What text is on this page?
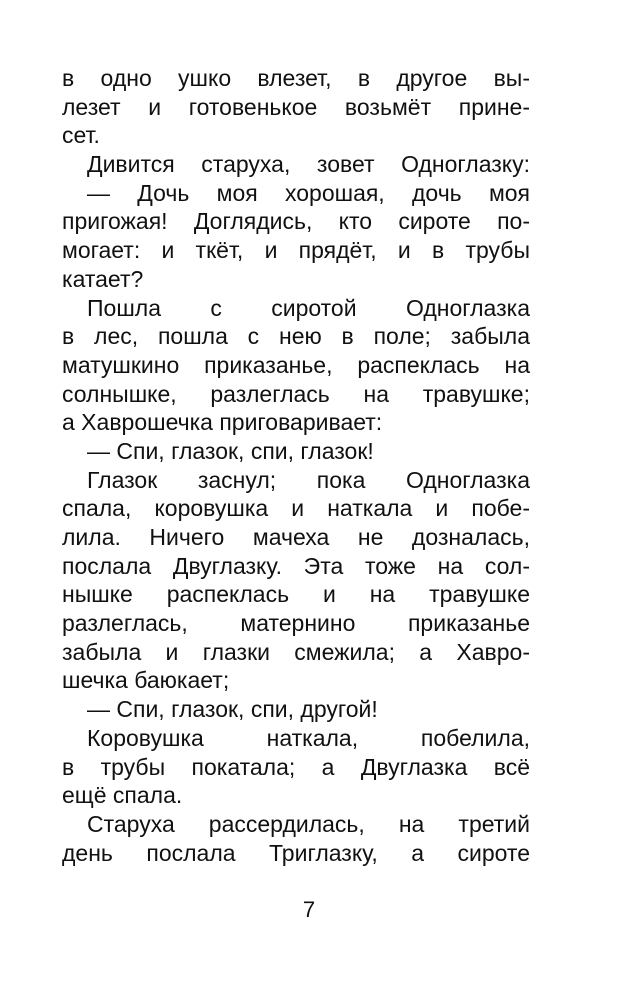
в одно ушко влезет, в другое вы-
лезет и готовенькое возьмёт прине-
сет.
Дивится старуха, зовет Одноглазку:
— Дочь моя хорошая, дочь моя
пригожая! Доглядись, кто сироте по-
могает: и ткёт, и прядёт, и в трубы
катает?
Пошла с сиротой Одноглазка
в лес, пошла с нею в поле; забыла
матушкино приказанье, распеклась на
солнышке, разлеглась на травушке;
а Хаврошечка приговаривает:
— Спи, глазок, спи, глазок!
Глазок заснул; пока Одноглазка
спала, коровушка и наткала и побе-
лила. Ничего мачеха не дозналась,
послала Двуглазку. Эта тоже на сол-
нышке распеклась и на травушке
разлеглась, матернино приказанье
забыла и глазки смежила; а Хавро-
шечка баюкает;
— Спи, глазок, спи, другой!
Коровушка наткала, побелила,
в трубы покатала; а Двуглазка всё
ещё спала.
Старуха рассердилась, на третий
день послала Триглазку, а сироте
7
